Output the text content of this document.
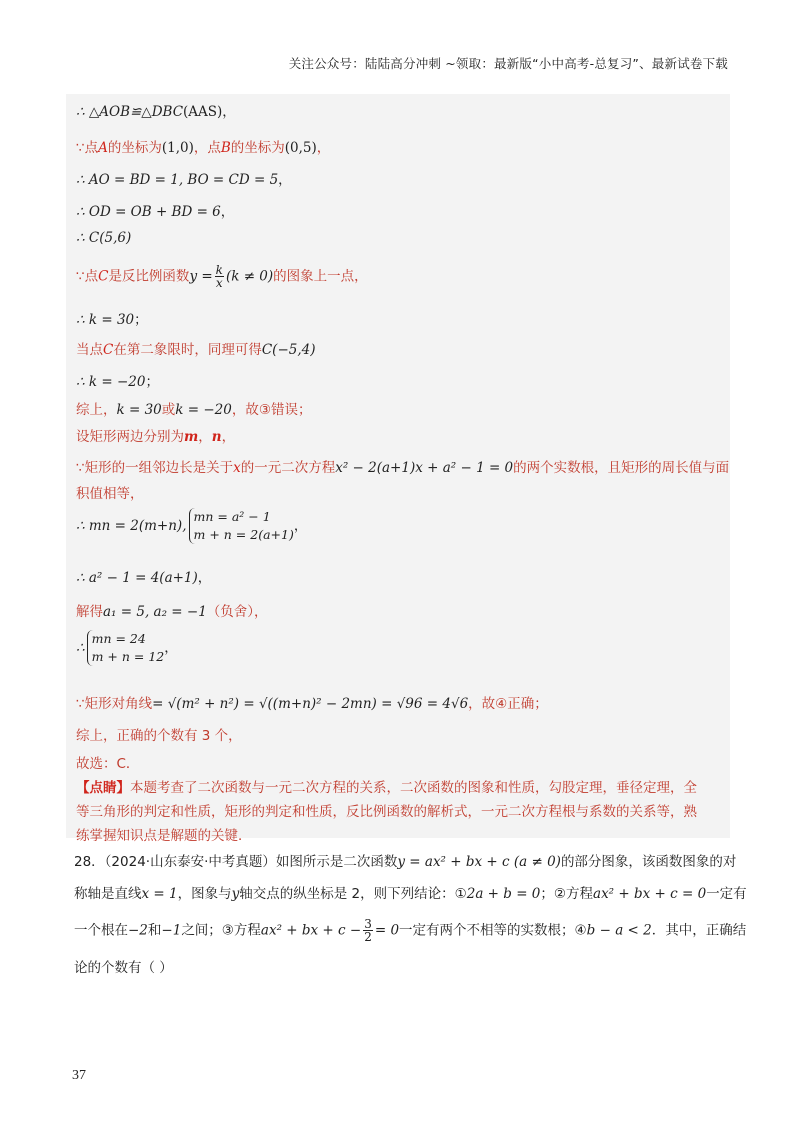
关注公众号：陆陆高分冲刺 ~领取：最新版“小中高考-总复习”、最新试卷下载
∴ △AOB≌△DBC(AAS)，
∵点A的坐标为(1,0)，点B的坐标为(0,5)，
∴ AO = BD = 1, BO = CD = 5，
∴ OD = OB + BD = 6，
∴ C(5,6)
∵点C是反比例函数$y = \frac{k}{x} (k \ne 0)$的图象上一点，
∴ k = 30；
当点C在第二象限时，同理可得C(−5,4)
∴ k = −20；
综上，k = 30或k = −20，故③错误；
设矩形两边分别为m，n，
∵矩形的一组邻边长是关于x的一元二次方程x² − 2(a+1)x + a² − 1 = 0的两个实数根，且矩形的周长值与面
积值相等，
∴ mn = 2(m+n),
mn = a² − 1
m + n = 2(a+1)
，
∴ a² − 1 = 4(a+1)，
解得a₁ = 5, a₂ = −1（负舍），
∴
mn = 24
m + n = 12
，
∵矩形对角线= √(m² + n²) = √((m+n)² − 2mn) = √96 = 4√6，故④正确；
综上，正确的个数有 3 个，
故选：C．
【点睛】本题考查了二次函数与一元二次方程的关系，二次函数的图象和性质，勾股定理，垂径定理，全
等三角形的判定和性质，矩形的判定和性质，反比例函数的解析式，一元二次方程根与系数的关系等，熟
练掌握知识点是解题的关键．
28．（2024·山东泰安·中考真题）如图所示是二次函数y = ax² + bx + c (a ≠ 0)的部分图象，该函数图象的对
称轴是直线x = 1，图象与y轴交点的纵坐标是 2，则下列结论：①2a + b = 0；②方程ax² + bx + c = 0一定有
一个根在−2和−1之间；③方程ax² + bx + $c - \frac{3}{2} = 0$一定有两个不相等的实数根；④b − a < 2．其中，正确结
论的个数有（ ）
37
